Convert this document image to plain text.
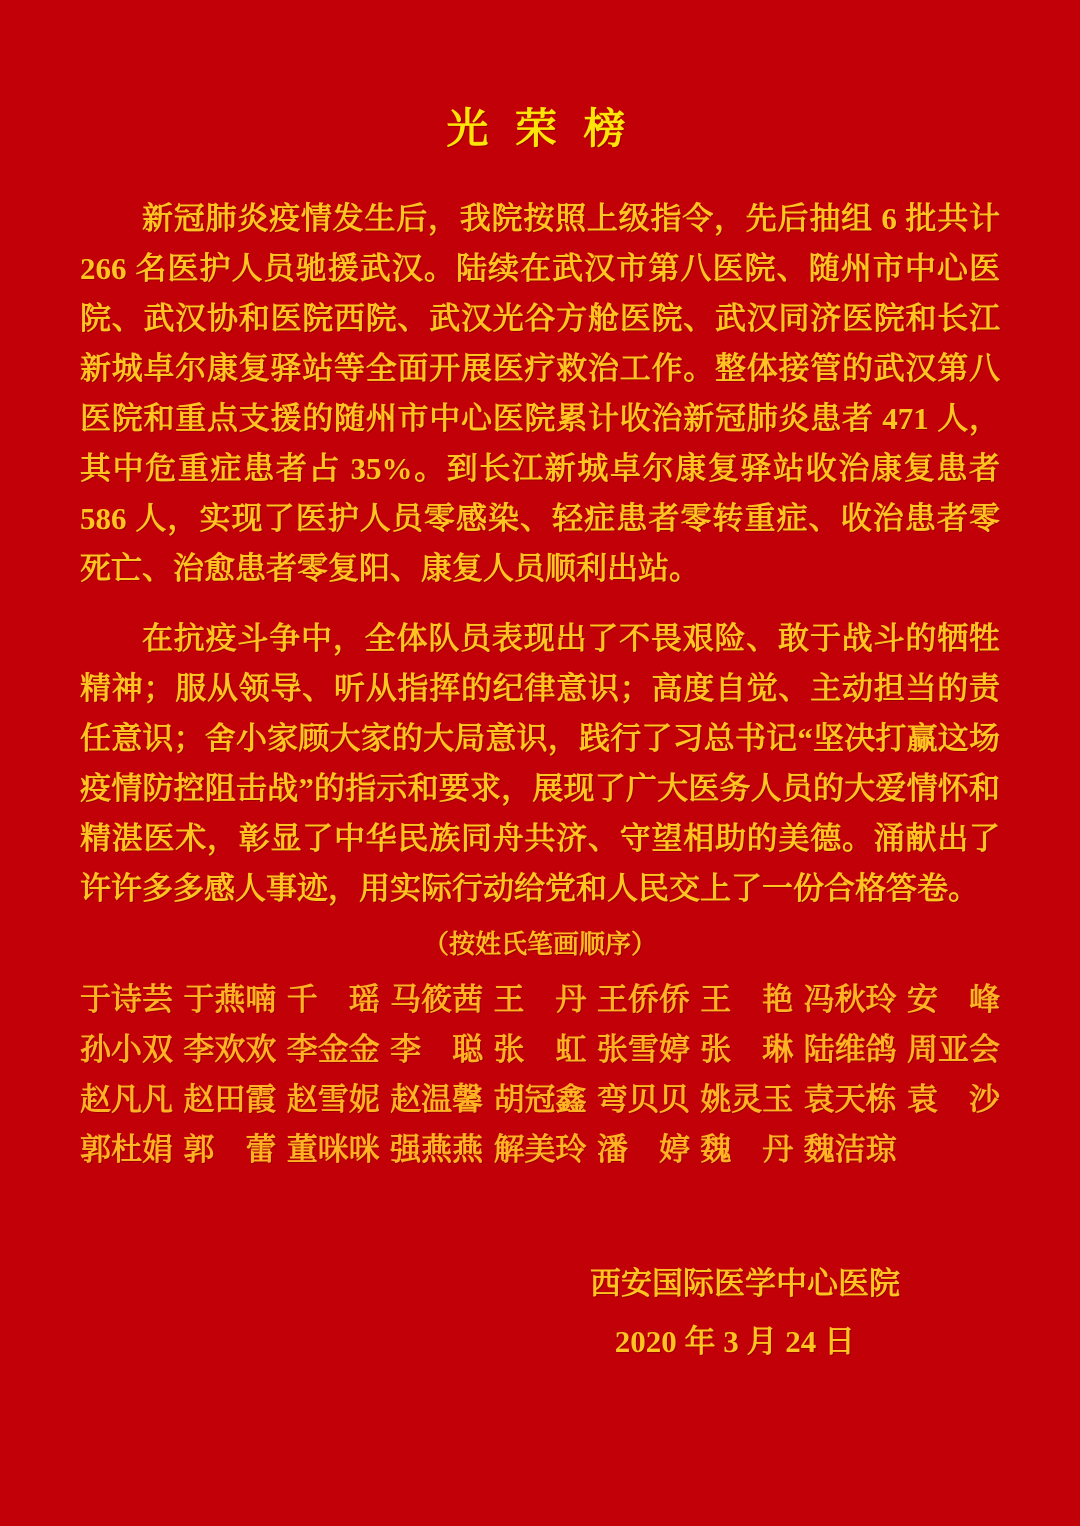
光 荣 榜

新冠肺炎疫情发生后，我院按照上级指令，先后抽组 6 批共计 266 名医护人员驰援武汉。陆续在武汉市第八医院、随州市中心医院、武汉协和医院西院、武汉光谷方舱医院、武汉同济医院和长江新城卓尔康复驿站等全面开展医疗救治工作。整体接管的武汉第八医院和重点支援的随州市中心医院累计收治新冠肺炎患者 471 人，其中危重症患者占 35%。到长江新城卓尔康复驿站收治康复患者 586 人，实现了医护人员零感染、轻症患者零转重症、收治患者零死亡、治愈患者零复阳、康复人员顺利出站。

在抗疫斗争中，全体队员表现出了不畏艰险、敢于战斗的牺牲精神；服从领导、听从指挥的纪律意识；高度自觉、主动担当的责任意识；舍小家顾大家的大局意识，践行了习总书记“坚决打赢这场疫情防控阻击战”的指示和要求，展现了广大医务人员的大爱情怀和精湛医术，彰显了中华民族同舟共济、守望相助的美德。涌献出了许许多多感人事迹，用实际行动给党和人民交上了一份合格答卷。

（按姓氏笔画顺序）
于诗芸 于燕喃 千　瑶 马筱茜 王　丹 王侨侨 王　艳 冯秋玲 安　峰
孙小双 李欢欢 李金金 李　聪 张　虹 张雪婷 张　琳 陆维鸽 周亚会
赵凡凡 赵田霞 赵雪妮 赵温馨 胡冠鑫 弯贝贝 姚灵玉 袁天栋 袁　沙
郭杜娟 郭　蕾 董咪咪 强燕燕 解美玲 潘　婷 魏　丹 魏洁琼
西安国际医学中心医院
2020 年 3 月 24 日
